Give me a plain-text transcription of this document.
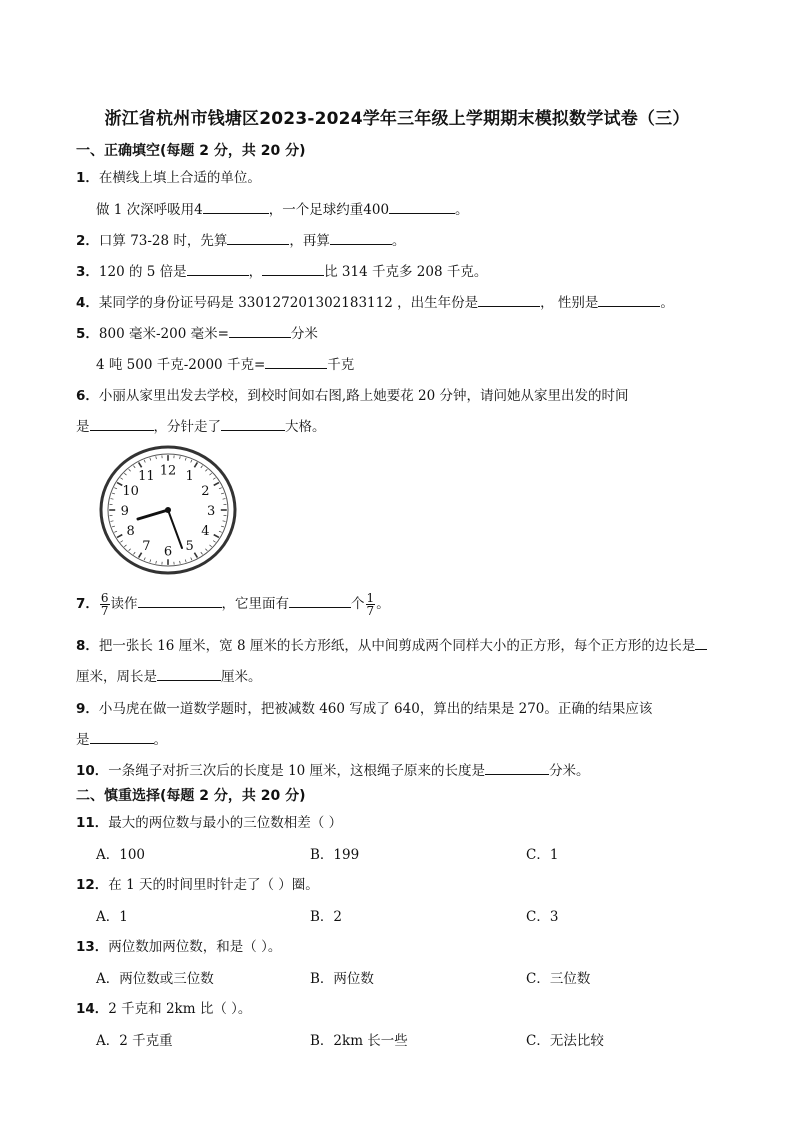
浙江省杭州市钱塘区2023-2024学年三年级上学期期末模拟数学试卷（三）
一、正确填空(每题 2 分，共 20 分)
1．在横线上填上合适的单位。
做 1 次深呼吸用4	，一个足球约重400	。
2．口算 73-28 时，先算	，再算	。
3．120 的 5 倍是	，	比 314 千克多 208 千克。
4．某同学的身份证号码是 330127201302183112 ，出生年份是	， 性别是	。
5．800 毫米-200 毫米=	分米
4 吨 500 千克-2000 千克=	千克
6．小丽从家里出发去学校，到校时间如右图,路上她要花 20 分钟，请问她从家里出发的时间
是	，分针走了	大格。
12 1
2
3
4
5
6
7
8
9
10
11
7． $\frac{6}{7}$ 读作	，它里面有	个 $\frac{1}{7}$ 。
8．把一张长 16 厘米，宽 8 厘米的长方形纸，从中间剪成两个同样大小的正方形，每个正方形的边长是
厘米，周长是	厘米。
9．小马虎在做一道数学题时，把被减数 460 写成了 640，算出的结果是 270。正确的结果应该
是	。
10．一条绳子对折三次后的长度是 10 厘米，这根绳子原来的长度是	分米。
二、慎重选择(每题 2 分，共 20 分)
11．最大的两位数与最小的三位数相差（ ）
A．100	B．199	C．1
12．在 1 天的时间里时针走了（ ）圈。
A．1	B．2	C．3
13．两位数加两位数，和是（ ）。
A．两位数或三位数	B．两位数	C．三位数
14．2 千克和 2km 比（ ）。
A．2 千克重	B．2km 长一些	C．无法比较
